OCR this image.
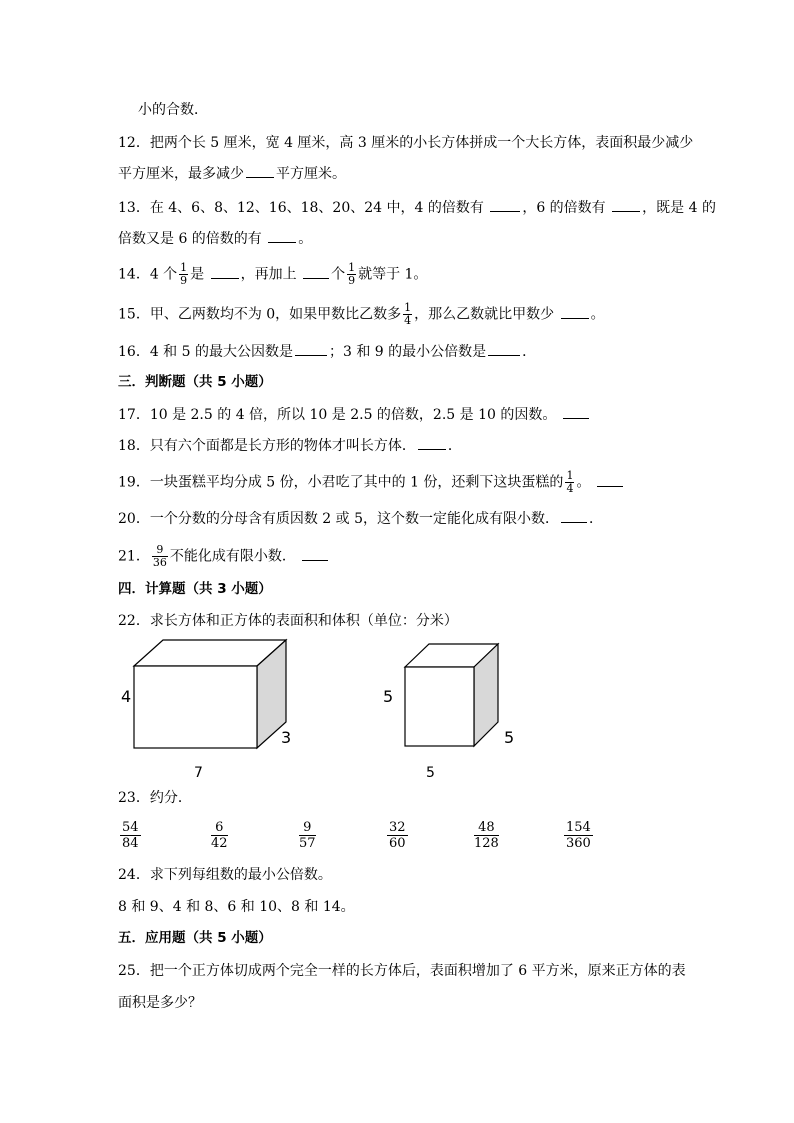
小的合数．
12．把两个长 5 厘米，宽 4 厘米，高 3 厘米的小长方体拼成一个大长方体，表面积最少减少
平方厘米，最多减少 平方厘米。
13．在 4、6、8、12、16、18、20、24 中，4 的倍数有	，6 的倍数有	，既是 4 的
倍数又是 6 的倍数的有	。
14．4 个 $\frac{1}{9}$ 是	，再加上 个 $\frac{1}{9}$ 就等于 1。
15．甲、乙两数均不为 0，如果甲数比乙数多 $\frac{1}{4}$ ，那么乙数就比甲数少	。
16．4 和 5 的最大公因数是	；3 和 9 的最小公倍数是	．
三．判断题（共 5 小题）
17．10 是 2.5 的 4 倍，所以 10 是 2.5 的倍数，2.5 是 10 的因数。
18．只有六个面都是长方形的物体才叫长方体． ．
19．一块蛋糕平均分成 5 份，小君吃了其中的 1 份，还剩下这块蛋糕的 $\frac{1}{4}$ 。
20．一个分数的分母含有质因数 2 或 5，这个数一定能化成有限小数． ．
21． $\frac{9}{36}$ 不能化成有限小数．
四．计算题（共 3 小题）
22．求长方体和正方体的表面积和体积（单位：分米）
4
3
7
5
5
5
23．约分．
$\frac{54}{84}$	$\frac{6}{42}$	$\frac{9}{57}$	$\frac{32}{60}$	$\frac{48}{128}$	$\frac{154}{360}$
24．求下列每组数的最小公倍数。
8 和 9、4 和 8、6 和 10、8 和 14。
五．应用题（共 5 小题）
25．把一个正方体切成两个完全一样的长方体后，表面积增加了 6 平方米，原来正方体的表
面积是多少？
